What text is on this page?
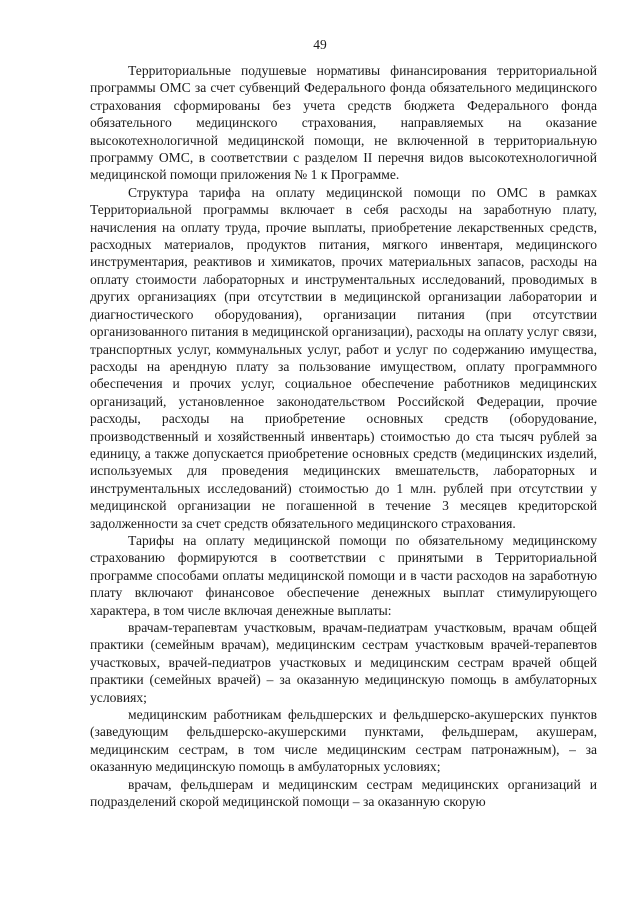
49

Территориальные подушевые нормативы финансирования территориальной программы ОМС за счет субвенций Федерального фонда обязательного медицинского страхования сформированы без учета средств бюджета Федерального фонда обязательного медицинского страхования, направляемых на оказание высокотехнологичной медицинской помощи, не включенной в территориальную программу ОМС, в соответствии с разделом II перечня видов высокотехнологичной медицинской помощи приложения № 1 к Программе.

Структура тарифа на оплату медицинской помощи по ОМС в рамках Территориальной программы включает в себя расходы на заработную плату, начисления на оплату труда, прочие выплаты, приобретение лекарственных средств, расходных материалов, продуктов питания, мягкого инвентаря, медицинского инструментария, реактивов и химикатов, прочих материальных запасов, расходы на оплату стоимости лабораторных и инструментальных исследований, проводимых в других организациях (при отсутствии в медицинской организации лаборатории и диагностического оборудования), организации питания (при отсутствии организованного питания в медицинской организации), расходы на оплату услуг связи, транспортных услуг, коммунальных услуг, работ и услуг по содержанию имущества, расходы на арендную плату за пользование имуществом, оплату программного обеспечения и прочих услуг, социальное обеспечение работников медицинских организаций, установленное законодательством Российской Федерации, прочие расходы, расходы на приобретение основных средств (оборудование, производственный и хозяйственный инвентарь) стоимостью до ста тысяч рублей за единицу, а также допускается приобретение основных средств (медицинских изделий, используемых для проведения медицинских вмешательств, лабораторных и инструментальных исследований) стоимостью до 1 млн. рублей при отсутствии у медицинской организации не погашенной в течение 3 месяцев кредиторской задолженности за счет средств обязательного медицинского страхования.

Тарифы на оплату медицинской помощи по обязательному медицинскому страхованию формируются в соответствии с принятыми в Территориальной программе способами оплаты медицинской помощи и в части расходов на заработную плату включают финансовое обеспечение денежных выплат стимулирующего характера, в том числе включая денежные выплаты:

врачам-терапевтам участковым, врачам-педиатрам участковым, врачам общей практики (семейным врачам), медицинским сестрам участковым врачей-терапевтов участковых, врачей-педиатров участковых и медицинским сестрам врачей общей практики (семейных врачей) – за оказанную медицинскую помощь в амбулаторных условиях;

медицинским работникам фельдшерских и фельдшерско-акушерских пунктов (заведующим фельдшерско-акушерскими пунктами, фельдшерам, акушерам, медицинским сестрам, в том числе медицинским сестрам патронажным), – за оказанную медицинскую помощь в амбулаторных условиях;

врачам, фельдшерам и медицинским сестрам медицинских организаций и подразделений скорой медицинской помощи – за оказанную скорую
